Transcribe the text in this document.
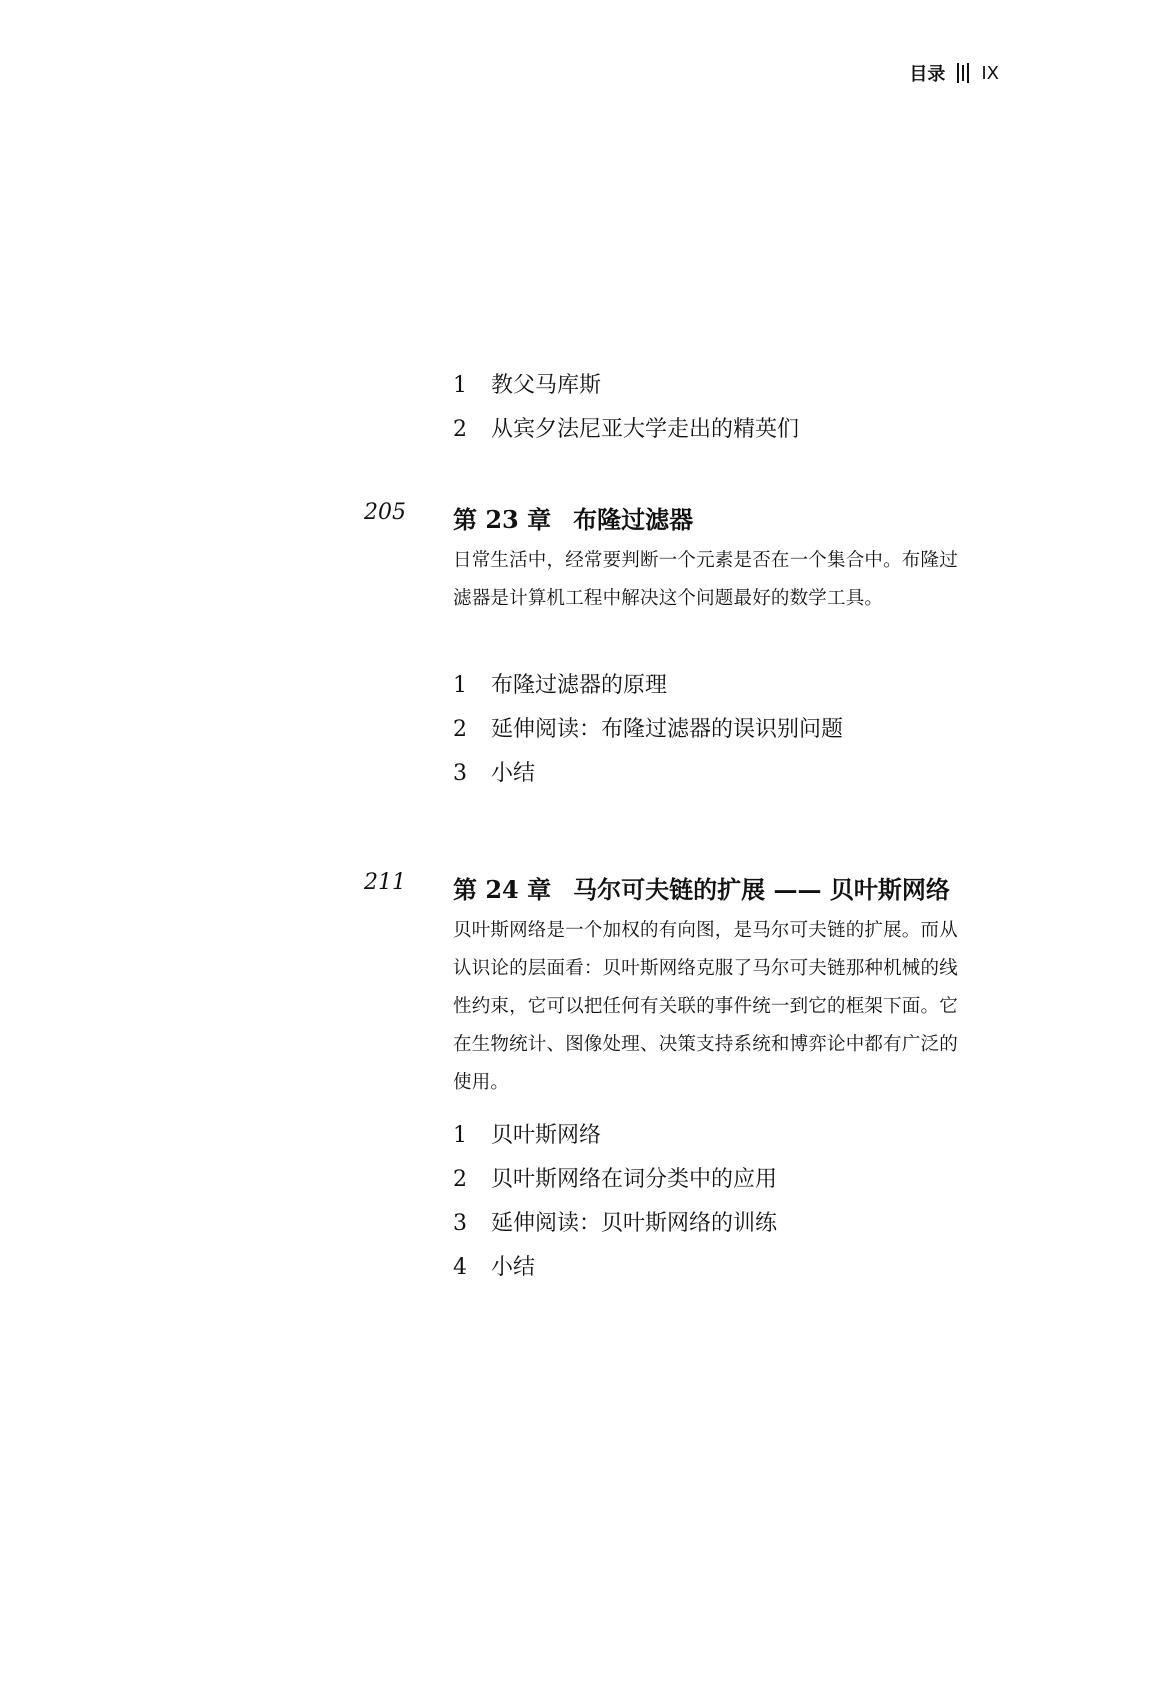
目录 IX
1	教父马库斯
2	从宾夕法尼亚大学走出的精英们
205 第 23 章 布隆过滤器
日常生活中，经常要判断一个元素是否在一个集合中。布隆过滤器是计算机工程中解决这个问题最好的数学工具。
1	布隆过滤器的原理
2	延伸阅读：布隆过滤器的误识别问题
3	小结
211 第 24 章 马尔可夫链的扩展 —— 贝叶斯网络
贝叶斯网络是一个加权的有向图，是马尔可夫链的扩展。而从认识论的层面看：贝叶斯网络克服了马尔可夫链那种机械的线性约束，它可以把任何有关联的事件统一到它的框架下面。它在生物统计、图像处理、决策支持系统和博弈论中都有广泛的使用。
1	贝叶斯网络
2	贝叶斯网络在词分类中的应用
3	延伸阅读：贝叶斯网络的训练
4	小结
